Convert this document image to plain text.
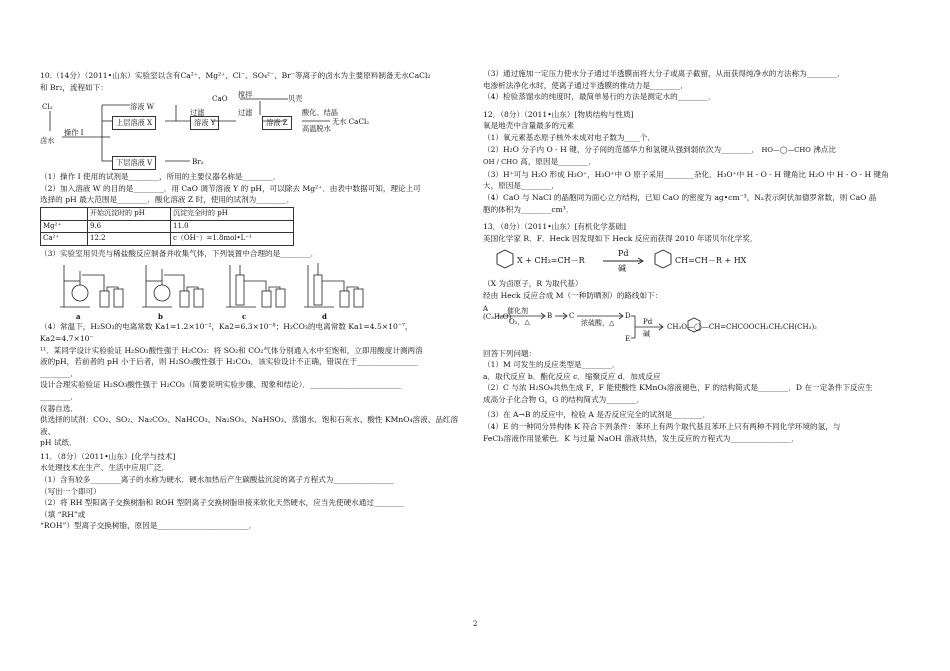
10.（14分）（2011•山东）实验室以含有Ca²⁺、Mg²⁺、Cl⁻、SO₄²⁻、Br⁻等离子的卤水为主要原料制备无水CaCl₂

和 Br₂，流程如下：

Cl₂
操作 I
卤水
溶液 W
上层溶液 X
过滤
溶液 Y
CaO 搅拌	贝壳
过滤
溶液 Z
酸化、结晶
高温脱水
无水 CaCl₂
下层溶液 V	Br₂

（1）操作 I 使用的试剂是________，所用的主要仪器名称是________．

（2）加入溶液 W 的目的是________．用 CaO 调节溶液 Y 的 pH，可以除去 Mg²⁺．由表中数据可知，理论上可

选择的 pH 最大范围是________．酸化溶液 Z 时，使用的试剂为________．

	开始沉淀时的 pH	沉淀完全时的 pH
Mg²⁺	9.6	11.0
Ca²⁺	12.2	c（OH⁻）=1.8mol•L⁻¹

（3）实验室用贝壳与稀盐酸反应制备并收集气体，下列装置中合理的是________．

a	b	c	d

（4）常温下，H₂SO₃的电离常数 Ka1=1.2×10⁻²，Ka2=6.3×10⁻⁸；H₂CO₃的电离常数 Ka1=4.5×10⁻⁷，Ka2=4.7×10⁻

¹¹．某同学设计实验验证 H₂SO₃酸性强于 H₂CO₃：将 SO₂和 CO₂气体分别通入水中至饱和，立即用酸度计测两溶

液的pH，若前者的 pH 小于后者，则 H₂SO₃酸性强于 H₂CO₃．该实验设计不正确，错误在于________________

________．

设计合理实验验证 H₂SO₃酸性强于 H₂CO₃（简要说明实验步骤、现象和结论）．________________________

________．

仪器自选．

供选择的试剂：CO₂、SO₂、Na₂CO₃、NaHCO₃、Na₂SO₃、NaHSO₃、蒸馏水、饱和石灰水、酸性 KMnO₄溶液、品红溶液、

pH 试纸．

11．（8分）（2011•山东）[化学与技术]

水处理技术在生产、生活中应用广泛．

（1）含有较多________离子的水称为硬水．硬水加热后产生碳酸盐沉淀的离子方程式为________________

（写出一个即可）

（2）将 RH 型阳离子交换树脂和 ROH 型阴离子交换树脂串接来软化天然硬水，应当先使硬水通过________

（填 “RH”或

“ROH”）型离子交换树脂，原因是________________________．

（3）通过施加一定压力使水分子通过半透膜而将大分子或离子截留，从而获得纯净水的方法称为________．

电渗析法净化水时，使离子通过半透膜的推动力是________．

（4）检验蒸馏水的纯度时，最简单易行的方法是测定水的________．

12．（8分）（2011•山东）[物质结构与性质]

氧是地壳中含量最多的元素

（1）氧元素基态原子核外未成对电子数为____个．

（2）H₂O 分子内 O - H 键、分子间的范德华力和氢键从强到弱依次为________． HO—◯—CHO 沸点比

OH / CHO 高，原因是________．

（3）H⁺可与 H₂O 形成 H₃O⁺，H₃O⁺中 O 原子采用________杂化．H₃O⁺中 H - O - H 键角比 H₂O 中 H - O - H 键角

大，原因是________．

（4）CaO 与 NaCl 的晶胞同为面心立方结构，已知 CaO 的密度为 ag•cm⁻³，Nₐ表示阿伏加德罗常数，则 CaO 晶

胞的体积为________cm³．

13．（8分）（2011•山东）[有机化学基础]

美国化学家 R．F．Heck 因发现如下 Heck 反应而获得 2010 年诺贝尔化学奖．

X + CH₂=CH－R
Pd
碱
CH=CH－R + HX

（X 为卤原子，R 为取代基）

经由 Heck 反应合成 M（一种防晒剂）的路线如下：

A
(C₃H₆O)
催化剂
O₂，△
B C
浓硫酸，△
D
E
Pd
碱
CH₃O—◯—CH=CHCOOCH₂CH₂CH(CH₃)₂

回答下列问题：

（1）M 可发生的反应类型是________．

a．取代反应 b．酯化反应 c．缩聚反应 d．加成反应

（2）C 与浓 H₂SO₄共热生成 F，F 能使酸性 KMnO₄溶液褪色，F 的结构简式是________．D 在一定条件下反应生

成高分子化合物 G，G 的结构简式为________．

（3）在 A→B 的反应中，检验 A 是否反应完全的试剂是________．

（4）E 的一种同分异构体 K 符合下列条件：苯环上有两个取代基且苯环上只有两种不同化学环境的氢，与

FeCl₃溶液作用显紫色．K 与过量 NaOH 溶液共热，发生反应的方程式为________________．

2
